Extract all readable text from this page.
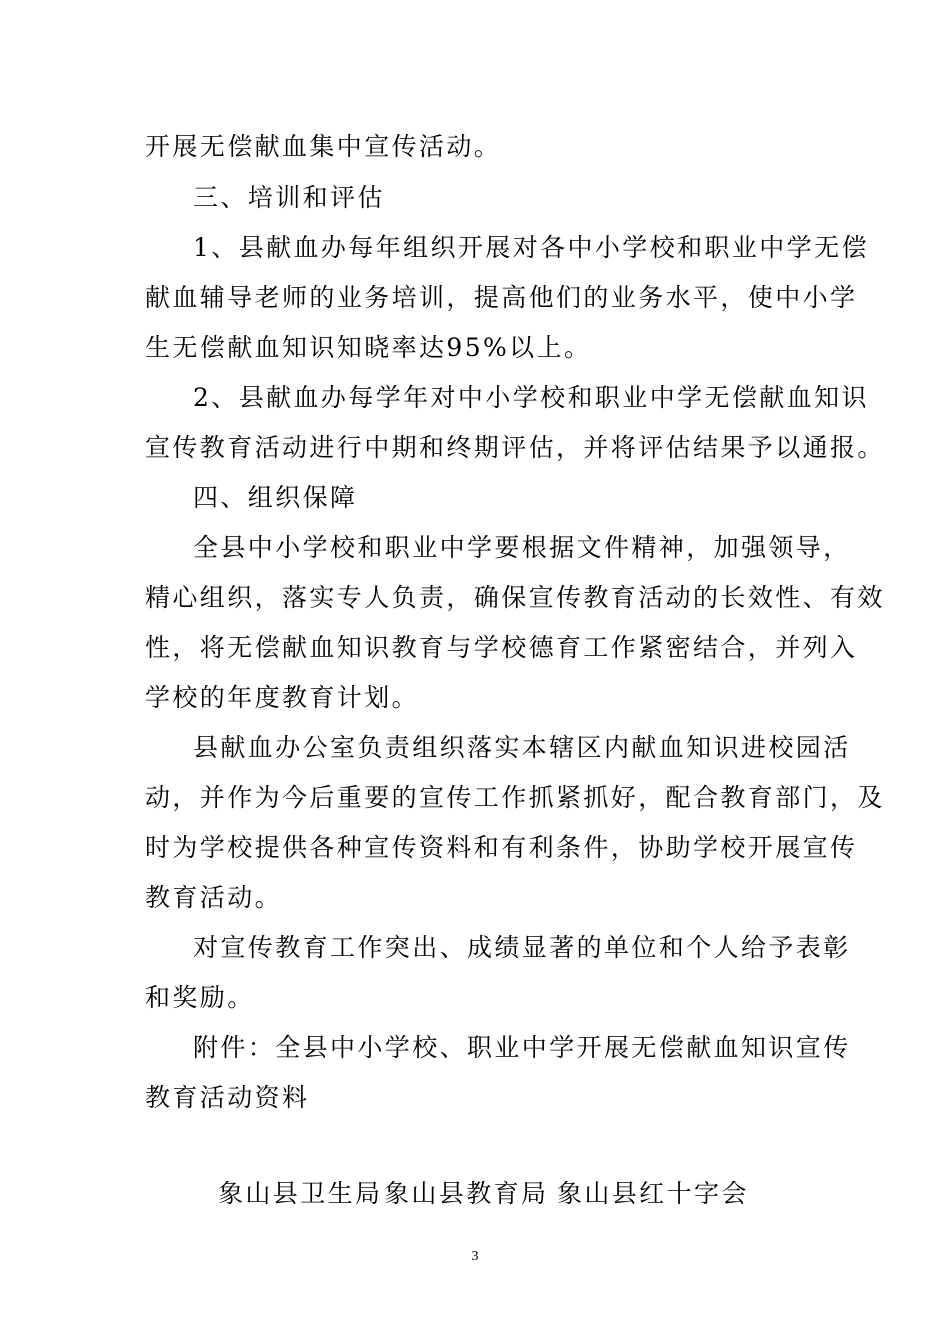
开展无偿献血集中宣传活动。
三、培训和评估
1、县献血办每年组织开展对各中小学校和职业中学无偿
献血辅导老师的业务培训，提高他们的业务水平，使中小学
生无偿献血知识知晓率达95%以上。
2、县献血办每学年对中小学校和职业中学无偿献血知识
宣传教育活动进行中期和终期评估，并将评估结果予以通报。
四、组织保障
全县中小学校和职业中学要根据文件精神，加强领导，
精心组织，落实专人负责，确保宣传教育活动的长效性、有效
性，将无偿献血知识教育与学校德育工作紧密结合，并列入
学校的年度教育计划。
县献血办公室负责组织落实本辖区内献血知识进校园活
动，并作为今后重要的宣传工作抓紧抓好，配合教育部门，及
时为学校提供各种宣传资料和有利条件，协助学校开展宣传
教育活动。
对宣传教育工作突出、成绩显著的单位和个人给予表彰
和奖励。
附件：全县中小学校、职业中学开展无偿献血知识宣传
教育活动资料
象山县卫生局 象山县教育局 象山县红十字会
3
